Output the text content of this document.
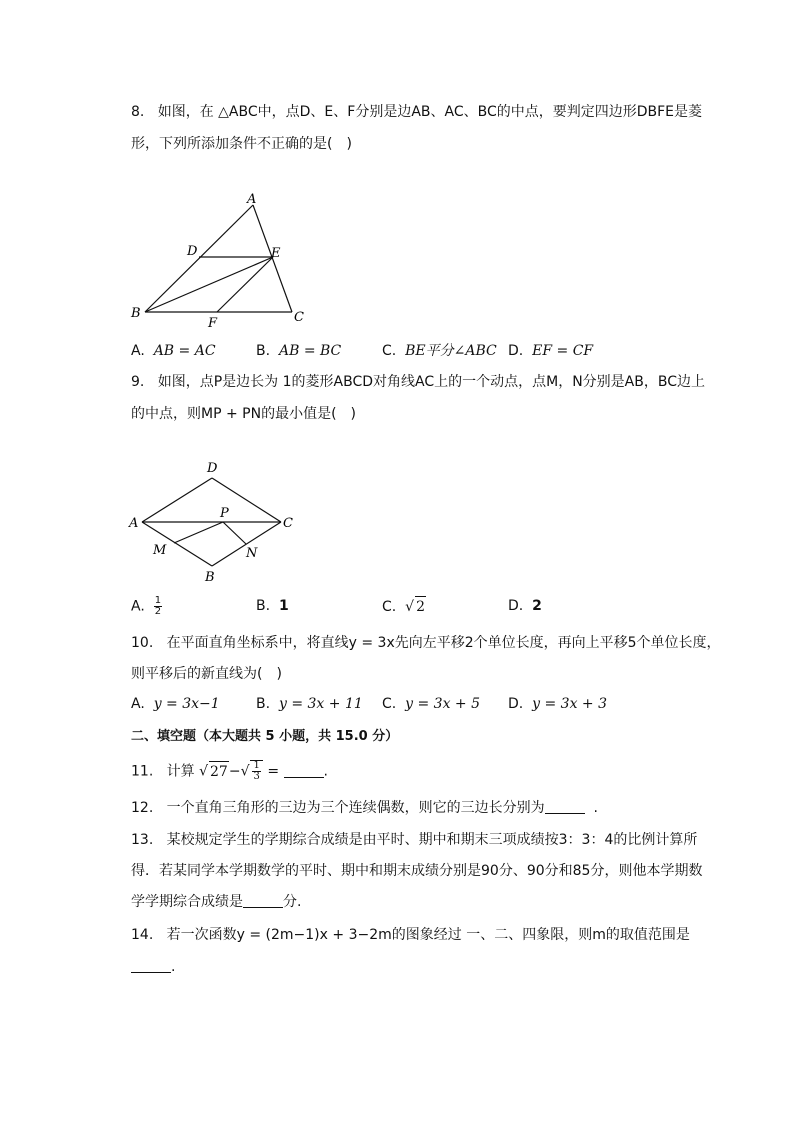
8. 如图，在 △ABC中，点D、E、F分别是边AB、AC、BC的中点，要判定四边形DBFE是菱
形，下列所添加条件不正确的是(　)
A
D	E
B
F	C
A. AB = AC	B. AB = BC	C. BE平分∠ABC D. EF = CF
9. 如图，点P是边长为 1的菱形ABCD对角线AC上的一个动点，点M，N分别是AB，BC边上
的中点，则MP + PN的最小值是(　)
D
A
P
C
M	N
B
A. $\frac{1}{2}$	B. 1	C. √ 2	D. 2
10. 在平面直角坐标系中，将直线y = 3x先向左平移2个单位长度，再向上平移5个单位长度，
则平移后的新直线为(　)
A. y = 3x−1	B. y = 3x + 11 C. y = 3x + 5 D. y = 3x + 3
二、填空题（本大题共 5 小题，共 15.0 分）
11. 计算 √ $27-√ \frac{1}{3}$ =	.
12. 一个直角三角形的三边为三个连续偶数，则它的三边长分别为	.
13. 某校规定学生的学期综合成绩是由平时、期中和期末三项成绩按3：3：4的比例计算所
得．若某同学本学期数学的平时、期中和期末成绩分别是90分、90分和85分，则他本学期数
学学期综合成绩是	分.
14. 若一次函数y = (2m−1)x + 3−2m的图象经过 一、二、四象限，则m的取值范围是
.
